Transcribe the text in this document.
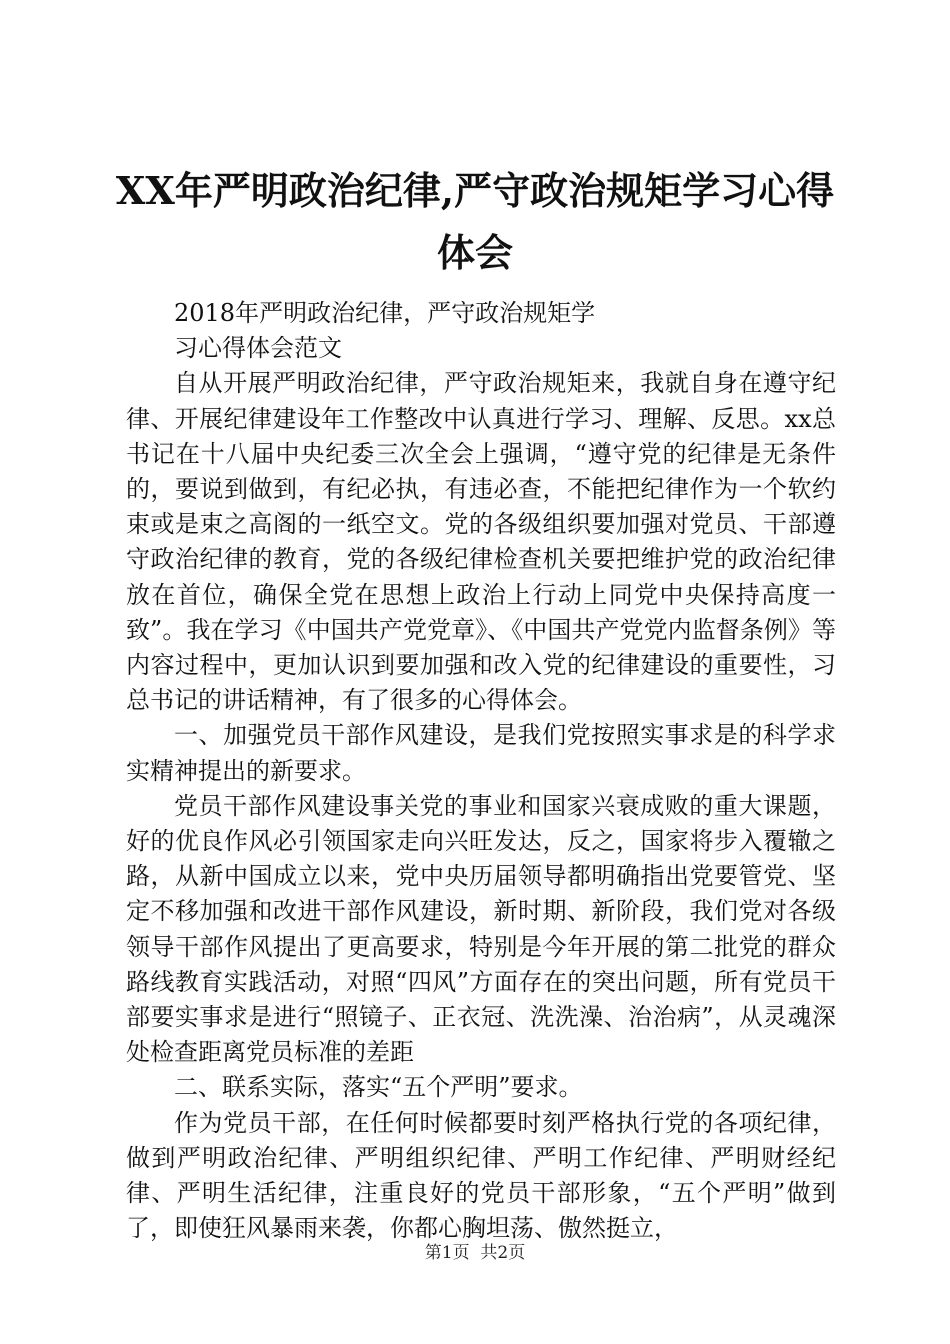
XX年严明政治纪律,严守政治规矩学习心得体会

2018年严明政治纪律，严守政治规矩学

习心得体会范文

自从开展严明政治纪律，严守政治规矩来，我就自身在遵守纪律、开展纪律建设年工作整改中认真进行学习、理解、反思。xx总书记在十八届中央纪委三次全会上强调，“遵守党的纪律是无条件的，要说到做到，有纪必执，有违必查，不能把纪律作为一个软约束或是束之高阁的一纸空文。党的各级组织要加强对党员、干部遵守政治纪律的教育，党的各级纪律检查机关要把维护党的政治纪律放在首位，确保全党在思想上政治上行动上同党中央保持高度一致”。我在学习《中国共产党党章》、《中国共产党党内监督条例》等内容过程中，更加认识到要加强和改入党的纪律建设的重要性，习总书记的讲话精神，有了很多的心得体会。

一、加强党员干部作风建设，是我们党按照实事求是的科学求实精神提出的新要求。

党员干部作风建设事关党的事业和国家兴衰成败的重大课题，好的优良作风必引领国家走向兴旺发达，反之，国家将步入覆辙之路，从新中国成立以来，党中央历届领导都明确指出党要管党、坚定不移加强和改进干部作风建设，新时期、新阶段，我们党对各级领导干部作风提出了更高要求，特别是今年开展的第二批党的群众路线教育实践活动，对照“四风”方面存在的突出问题，所有党员干部要实事求是进行“照镜子、正衣冠、洗洗澡、治治病”，从灵魂深处检查距离党员标准的差距

二、联系实际，落实“五个严明”要求。

作为党员干部，在任何时候都要时刻严格执行党的各项纪律，做到严明政治纪律、严明组织纪律、严明工作纪律、严明财经纪律、严明生活纪律，注重良好的党员干部形象，“五个严明”做到了，即使狂风暴雨来袭，你都心胸坦荡、傲然挺立，

第1页  共2页
